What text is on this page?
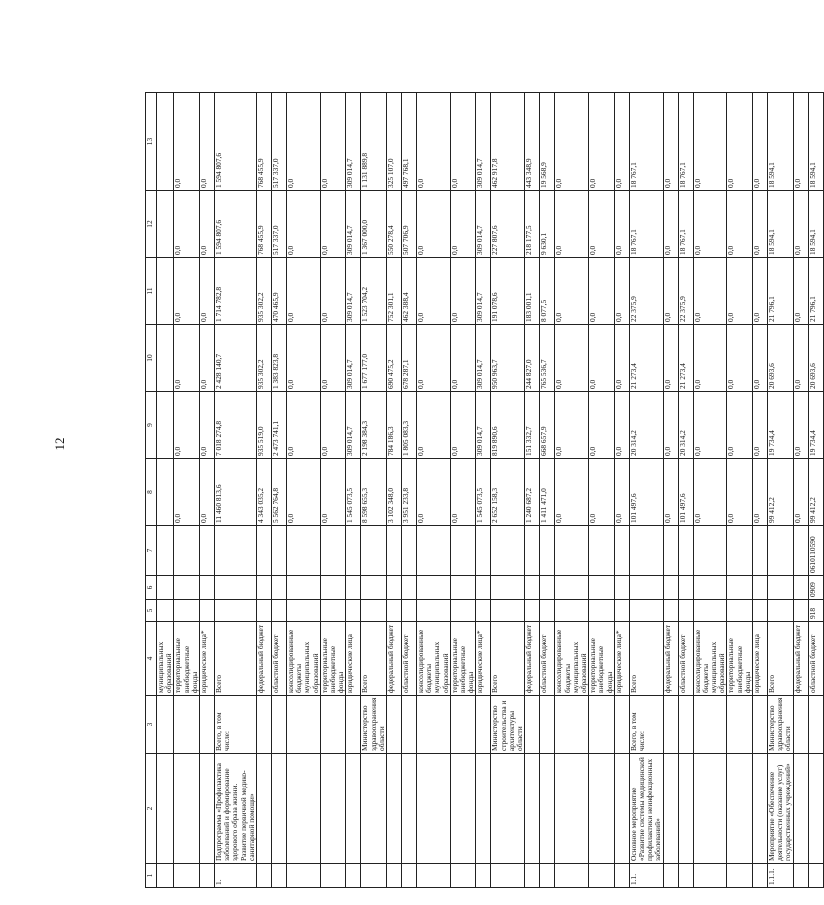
12
1	2	3	4	5	6	7	8	9	10	11	12	13
			муниципальных образований									
			территориальные внебюджетные фонды				0,0	0,0	0,0	0,0	0,0	0,0
			юридические лица*				0,0	0,0	0,0	0,0	0,0	0,0
1.	Подпрограмма «Профилактика заболеваний и формирование здорового образа жизни. Развитие первичной медико-санитарной помощи»	Всего, в том числе:	Всего				11 460 813,6	7 018 274,8	2 428 140,7	1 714 782,8	1 594 807,6	1 594 807,6
			федеральный бюджет				4 343 035,2	935 519,0	935 302,2	935 302,2	768 455,9	768 455,9
			областной бюджет				5 562 764,8	2 473 741,1	1 383 823,8	470 465,9	517 337,0	517 337,0
			консолидированные бюджеты муниципальных образований				0,0	0,0	0,0	0,0	0,0	0,0
			территориальные внебюджетные фонды				0,0	0,0	0,0	0,0	0,0	0,0
			юридические лица				1 545 073,5	309 014,7	309 014,7	309 014,7	309 014,7	309 014,7
		Министерство здравоохранения области	Всего				8 598 655,3	2 198 384,3	1 677 177,0	1 523 704,2	1 367 000,0	1 131 889,8
			федеральный бюджет				3 102 348,0	784 186,3	690 475,2	752 301,1	550 278,4	325 107,0
			областной бюджет				3 951 233,8	1 805 083,3	678 287,1	462 388,4	507 706,9	497 768,1
			консолидированные бюджеты муниципальных образований				0,0	0,0	0,0	0,0	0,0	0,0
			территориальные внебюджетные фонды				0,0	0,0	0,0	0,0	0,0	0,0
			юридические лица*				1 545 073,5	309 014,7	309 014,7	309 014,7	309 014,7	309 014,7
		Министерство строительства и архитектуры области	Всего				2 652 158,3	819 890,6	950 963,7	191 078,6	227 807,6	462 917,8
			федеральный бюджет				1 240 687,2	151 332,7	244 827,0	183 001,1	218 177,5	443 348,9
			областной бюджет				1 411 471,0	668 657,9	765 536,7	8 077,5	9 630,1	19 568,9
			консолидированные бюджеты муниципальных образований				0,0	0,0	0,0	0,0	0,0	0,0
			территориальные внебюджетные фонды				0,0	0,0	0,0	0,0	0,0	0,0
			юридические лица*				0,0	0,0	0,0	0,0	0,0	0,0
1.1.	Основное мероприятие «Развитие системы медицинской профилактики неинфекционных заболеваний»	Всего, в том числе:	Всего				101 497,6	20 314,2	21 273,4	22 375,9	18 767,1	18 767,1
			федеральный бюджет				0,0	0,0	0,0	0,0	0,0	0,0
			областной бюджет				101 497,6	20 314,2	21 273,4	22 375,9	18 767,1	18 767,1
			консолидированные бюджеты муниципальных образований				0,0	0,0	0,0	0,0	0,0	0,0
			территориальные внебюджетные фонды				0,0	0,0	0,0	0,0	0,0	0,0
			юридические лица				0,0	0,0	0,0	0,0	0,0	0,0
1.1.1.	Мероприятие «Обеспечение деятельности (оказание услуг) государственных учреждений»	Министерство здравоохранения области	Всего				99 412,2	19 734,4	20 693,6	21 796,1	18 594,1	18 594,1
			федеральный бюджет				0,0	0,0	0,0	0,0	0,0	0,0
			областной бюджет	918	0909	0610110590	99 412,2	19 734,4	20 693,6	21 796,1	18 594,1	18 594,1
